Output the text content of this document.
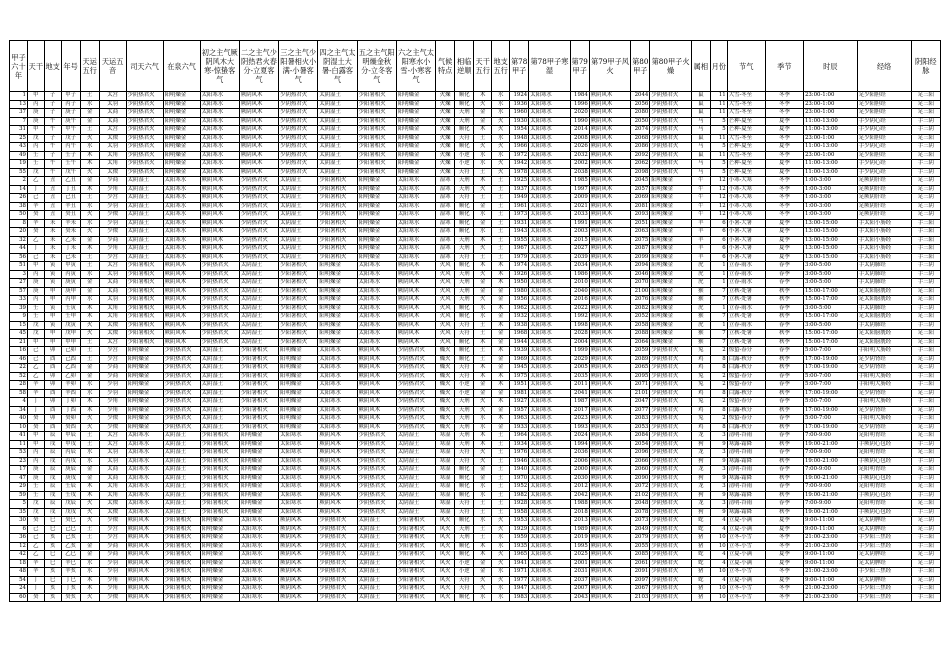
甲子六十年	天干	地支	年号	天运五行	天运五音	司天六气	在泉六气	初之主气厥阴风木大寒-惊蛰客气	二之主气少阴热君火春分-立夏客气	三之主气少阳暑相火小满-小暑客气	四之主气太阴湿土大暑-白露客气	五之主气阳明燥金秋分-立冬客气	六之主气太阳寒水小雪-小寒客气	气候特点	相临逆顺	天干五行	地支五行	第78甲子	第78甲子寒湿	第79甲子	第79甲子风火	第80甲子	第80甲子火燥	属相	月份	节气	季节	时辰	经络	阴阳经脉
1	甲	子	甲子	土	太宫	少阴热君火	阳明燥金	太阳寒水	厥阴风木	少阴热君火	太阴湿土	少阳暑相火	阳明燥金	火燥	顺化	木	水	1924	太阳寒水	1984	厥阴风木	2044	少阴热君火	鼠	11	大雪-冬至	冬季	23:00-1:00	足少阳胆经	足三阳
13	丙	子	丙子	水	太羽	少阴热君火	阳明燥金	太阳寒水	厥阴风木	少阴热君火	太阴湿土	少阳暑相火	阳明燥金	火燥	顺化	火	水	1936	太阳寒水	1996	厥阴风木	2056	少阴热君火	鼠	11	大雪-冬至	冬季	23:00-1:00	足少阳胆经	足三阳
37	庚	子	庚子	金	太商	少阴热君火	阳明燥金	太阳寒水	厥阴风木	少阴热君火	太阴湿土	少阳暑相火	阳明燥金	火燥	天刑	金	水	1960	太阳寒水	2020	厥阴风木	2080	少阴热君火	鼠	11	大雪-冬至	冬季	23:00-1:00	足少阳胆经	足三阳
7	庚	午	庚午	金	太商	少阴热君火	阳明燥金	太阳寒水	厥阴风木	少阴热君火	太阴湿土	少阳暑相火	阳明燥金	火燥	天刑	金	火	1930	太阳寒水	1990	厥阴风木	2050	少阴热君火	马	5	芒种-夏至	夏季	11:00-13:00	手少阴心经	手三阴
31	甲	午	甲午	土	太宫	少阴热君火	阳明燥金	太阳寒水	厥阴风木	少阴热君火	太阴湿土	少阳暑相火	阳明燥金	火燥	顺化	木	火	1954	太阳寒水	2014	厥阴风木	2074	少阴热君火	马	5	芒种-夏至	夏季	11:00-13:00	手少阴心经	手三阴
25	戊	子	戊子	火	太徵	少阴热君火	阳明燥金	太阳寒水	厥阴风木	少阴热君火	太阴湿土	少阳暑相火	阳明燥金	火燥	天符	土	水	1948	太阳寒水	2008	厥阴风木	2068	少阴热君火	鼠	11	大雪-冬至	冬季	23:00-1:00	足少阳胆经	足三阳
43	丙	午	丙午	水	太羽	少阴热君火	阳明燥金	太阳寒水	厥阴风木	少阴热君火	太阴湿土	少阳暑相火	阳明燥金	火燥	顺化	火	火	1966	太阳寒水	2026	厥阴风木	2086	少阴热君火	马	5	芒种-夏至	夏季	11:00-13:00	手少阴心经	手三阴
49	壬	子	壬子	木	太角	少阴热君火	阳明燥金	太阳寒水	厥阴风木	少阴热君火	太阴湿土	少阳暑相火	阳明燥金	火燥	小逆	水	水	1972	太阳寒水	2032	厥阴风木	2092	少阴热君火	鼠	11	大雪-冬至	冬季	23:00-1:00	足少阳胆经	足三阳
19	壬	午	壬午	木	太角	少阴热君火	阳明燥金	太阳寒水	厥阴风木	少阴热君火	太阴湿土	少阳暑相火	阳明燥金	火燥	小逆	水	火	1942	太阳寒水	2002	厥阴风木	2062	少阴热君火	马	5	芒种-夏至	夏季	11:00-13:00	手少阴心经	手三阴
55	戊	午	戊午	火	太徵	少阴热君火	阳明燥金	太阳寒水	厥阴风木	少阴热君火	太阴湿土	少阳暑相火	阳明燥金	火燥	天符	土	火	1978	太阳寒水	2038	厥阴风木	2098	少阴热君火	马	5	芒种-夏至	夏季	11:00-13:00	手少阴心经	手三阴
2	乙	丑	乙丑	金	少商	太阴湿土	太阳寒水	厥阴风木	少阴热君火	太阴湿土	少阳暑相火	阳明燥金	太阳寒水	湿寒	天刑	木	土	1925	太阳寒水	1985	厥阴风木	2045	阳明燥金	牛	12	小寒-大寒	冬季	1:00-3:00	足厥阴肝经	足三阴
14	丁	丑	丁丑	木	少角	太阴湿土	太阳寒水	厥阴风木	少阴热君火	太阴湿土	少阳暑相火	阳明燥金	太阳寒水	湿寒	天刑	火	土	1937	太阳寒水	1997	厥阴风木	2057	阳明燥金	牛	12	小寒-大寒	冬季	1:00-3:00	足厥阴肝经	足三阴
26	己	丑	己丑	土	少宫	太阴湿土	太阳寒水	厥阴风木	少阴热君火	太阴湿土	少阳暑相火	阳明燥金	太阳寒水	湿寒	天符	土	土	1949	太阳寒水	2009	厥阴风木	2069	阳明燥金	牛	12	小寒-大寒	冬季	1:00-3:00	足厥阴肝经	足三阴
38	辛	丑	辛丑	水	少羽	太阴湿土	太阳寒水	厥阴风木	少阴热君火	太阴湿土	少阳暑相火	阳明燥金	太阳寒水	湿寒	顺化	金	土	1961	太阳寒水	2021	厥阴风木	2081	阳明燥金	牛	12	小寒-大寒	冬季	1:00-3:00	足厥阴肝经	足三阴
50	癸	丑	癸丑	火	少徵	太阴湿土	太阳寒水	厥阴风木	少阴热君火	太阴湿土	少阳暑相火	阳明燥金	太阳寒水	湿寒	顺化	水	土	1973	太阳寒水	2033	厥阴风木	2093	阳明燥金	牛	12	小寒-大寒	冬季	1:00-3:00	足厥阴肝经	足三阴
8	辛	未	辛未	水	少羽	太阴湿土	太阳寒水	厥阴风木	少阴热君火	太阴湿土	少阳暑相火	阳明燥金	太阳寒水	湿寒	顺化	金	土	1931	太阳寒水	1991	厥阴风木	2051	阳明燥金	羊	6	小暑-大暑	夏季	13:00-15:00	手太阳小肠经	手三阳
20	癸	未	癸未	火	少徵	太阴湿土	太阳寒水	厥阴风木	少阴热君火	太阴湿土	少阳暑相火	阳明燥金	太阳寒水	湿寒	顺化	水	土	1943	太阳寒水	2003	厥阴风木	2063	阳明燥金	羊	6	小暑-大暑	夏季	13:00-15:00	手太阳小肠经	手三阳
32	乙	未	乙未	金	少商	太阴湿土	太阳寒水	厥阴风木	少阴热君火	太阴湿土	少阳暑相火	阳明燥金	太阳寒水	湿寒	天刑	木	土	1955	太阳寒水	2015	厥阴风木	2075	阳明燥金	羊	6	小暑-大暑	夏季	13:00-15:00	手太阳小肠经	手三阳
44	丁	未	丁未	木	少角	太阴湿土	太阳寒水	厥阴风木	少阴热君火	太阴湿土	少阳暑相火	阳明燥金	太阳寒水	湿寒	天刑	火	土	1967	太阳寒水	2027	厥阴风木	2087	阳明燥金	羊	6	小暑-大暑	夏季	13:00-15:00	手太阳小肠经	手三阳
56	己	未	己未	土	少宫	太阴湿土	太阳寒水	厥阴风木	少阴热君火	太阴湿土	少阳暑相火	阳明燥金	太阳寒水	湿寒	天符	土	土	1979	太阳寒水	2039	厥阴风木	2099	阳明燥金	羊	6	小暑-大暑	夏季	13:00-15:00	手太阳小肠经	手三阳
51	甲	寅	甲寅	土	太宫	少阳暑相火	厥阴风木	少阴热君火	太阴湿土	少阳暑相火	阳明燥金	太阳寒水	厥阴风木	火风	顺化	木	木	1974	太阳寒水	2034	厥阴风木	2094	阳明燥金	虎	1	立春-雨水	春季	3:00-5:00	手太阴肺经	手三阴
3	丙	寅	丙寅	水	太羽	少阳暑相火	厥阴风木	少阴热君火	太阴湿土	少阳暑相火	阳明燥金	太阳寒水	厥阴风木	火风	天刑	火	木	1926	太阳寒水	1986	厥阴风木	2046	阳明燥金	虎	1	立春-雨水	春季	3:00-5:00	手太阴肺经	手三阴
27	庚	寅	庚寅	金	太商	少阳暑相火	厥阴风木	少阴热君火	太阴湿土	少阳暑相火	阳明燥金	太阳寒水	厥阴风木	火风	天刑	金	木	1950	太阳寒水	2010	厥阴风木	2070	阳明燥金	虎	1	立春-雨水	春季	3:00-5:00	手太阴肺经	手三阴
57	庚	申	庚申	金	太商	少阳暑相火	厥阴风木	少阴热君火	太阴湿土	少阳暑相火	阳明燥金	太阳寒水	厥阴风木	火风	天刑	金	金	1980	太阳寒水	2040	厥阴风木	2100	阳明燥金	猴	7	立秋-处暑	秋季	15:00-17:00	足太阳膀胱经	足三阳
33	丙	申	丙申	水	太羽	少阳暑相火	厥阴风木	少阴热君火	太阴湿土	少阳暑相火	阳明燥金	太阳寒水	厥阴风木	火风	天刑	火	金	1956	太阳寒水	2016	厥阴风木	2076	阳明燥金	猴	7	立秋-处暑	秋季	15:00-17:00	足太阳膀胱经	足三阳
39	壬	寅	壬寅	木	太角	少阳暑相火	厥阴风木	少阴热君火	太阴湿土	少阳暑相火	阳明燥金	太阳寒水	厥阴风木	火风	顺化	水	木	1962	太阳寒水	2022	厥阴风木	2082	阳明燥金	虎	1	立春-雨水	春季	3:00-5:00	手太阴肺经	手三阴
9	壬	申	壬申	木	太角	少阳暑相火	厥阴风木	少阴热君火	太阴湿土	少阳暑相火	阳明燥金	太阳寒水	厥阴风木	火风	顺化	水	金	1932	太阳寒水	1992	厥阴风木	2052	阳明燥金	猴	7	立秋-处暑	秋季	15:00-17:00	足太阳膀胱经	足三阳
15	戊	寅	戊寅	火	太徵	少阳暑相火	厥阴风木	少阴热君火	太阴湿土	少阳暑相火	阳明燥金	太阳寒水	厥阴风木	火风	天符	土	木	1938	太阳寒水	1998	厥阴风木	2058	阳明燥金	虎	1	立春-雨水	春季	3:00-5:00	手太阴肺经	手三阴
45	戊	申	戊申	火	太徵	少阳暑相火	厥阴风木	少阴热君火	太阴湿土	少阳暑相火	阳明燥金	太阳寒水	厥阴风木	火风	天符	土	金	1968	太阳寒水	2028	厥阴风木	2088	阳明燥金	猴	7	立秋-处暑	秋季	15:00-17:00	足太阳膀胱经	足三阳
21	甲	申	甲申	土	太宫	少阳暑相火	厥阴风木	少阴热君火	太阴湿土	少阳暑相火	阳明燥金	太阳寒水	厥阴风木	火风	顺化	木	金	1944	太阳寒水	2004	厥阴风木	2064	阳明燥金	猴	7	立秋-处暑	秋季	15:00-17:00	足太阳膀胱经	足三阳
16	己	卯	己卯	土	少宫	阳明燥金	少阴热君火	太阴湿土	少阳暑相火	阳明燥金	太阳寒水	厥阴风木	少阴热君火	燥火	顺化	土	木	1939	太阳寒水	1999	厥阴风木	2059	少阴热君火	兔	2	惊蛰-春分	春季	5:00-7:00	手阳明大肠经	手三阳
46	己	酉	己酉	土	少宫	阳明燥金	少阴热君火	太阴湿土	少阳暑相火	阳明燥金	太阳寒水	厥阴风木	少阴热君火	燥火	顺化	土	金	1969	太阳寒水	2029	厥阴风木	2089	少阴热君火	鸡	8	白露-秋分	秋季	17:00-19:00	足少阴肾经	足三阴
22	乙	酉	乙酉	金	少商	阳明燥金	少阴热君火	太阴湿土	少阳暑相火	阳明燥金	太阳寒水	厥阴风木	少阴热君火	燥火	天符	木	金	1945	太阳寒水	2005	厥阴风木	2065	少阴热君火	鸡	8	白露-秋分	秋季	17:00-19:00	足少阴肾经	足三阴
52	乙	卯	乙卯	金	少商	阳明燥金	少阴热君火	太阴湿土	少阳暑相火	阳明燥金	太阳寒水	厥阴风木	少阴热君火	燥火	天符	木	木	1975	太阳寒水	2035	厥阴风木	2095	少阴热君火	兔	2	惊蛰-春分	春季	5:00-7:00	手阳明大肠经	手三阳
28	辛	卯	辛卯	水	少羽	阳明燥金	少阴热君火	太阴湿土	少阳暑相火	阳明燥金	太阳寒水	厥阴风木	少阴热君火	燥火	小逆	金	木	1951	太阳寒水	2011	厥阴风木	2071	少阴热君火	兔	2	惊蛰-春分	春季	5:00-7:00	手阳明大肠经	手三阳
58	辛	酉	辛酉	水	少羽	阳明燥金	少阴热君火	太阴湿土	少阳暑相火	阳明燥金	太阳寒水	厥阴风木	少阴热君火	燥火	小逆	金	金	1981	太阳寒水	2041	厥阴风木	2101	少阴热君火	鸡	8	白露-秋分	秋季	17:00-19:00	足少阴肾经	足三阴
4	丁	卯	丁卯	木	少角	阳明燥金	少阴热君火	太阴湿土	少阳暑相火	阳明燥金	太阳寒水	厥阴风木	少阴热君火	燥火	天刑	火	木	1927	太阳寒水	1987	厥阴风木	2047	少阴热君火	兔	2	惊蛰-春分	春季	5:00-7:00	手阳明大肠经	手三阳
34	丁	酉	丁酉	木	少角	阳明燥金	少阴热君火	太阴湿土	少阳暑相火	阳明燥金	太阳寒水	厥阴风木	少阴热君火	燥火	天刑	火	金	1957	太阳寒水	2017	厥阴风木	2077	少阴热君火	鸡	8	白露-秋分	秋季	17:00-19:00	足少阴肾经	足三阴
40	癸	卯	癸卯	火	少徵	阳明燥金	少阴热君火	太阴湿土	少阳暑相火	阳明燥金	太阳寒水	厥阴风木	少阴热君火	燥火	天刑	水	木	1963	太阳寒水	2023	厥阴风木	2083	少阴热君火	兔	2	惊蛰-春分	春季	5:00-7:00	手阳明大肠经	手三阳
10	癸	酉	癸酉	火	少徵	阳明燥金	少阴热君火	太阴湿土	少阳暑相火	阳明燥金	太阳寒水	厥阴风木	少阴热君火	燥火	天刑	水	金	1933	太阳寒水	1993	厥阴风木	2053	少阴热君火	鸡	8	白露-秋分	秋季	17:00-19:00	足少阴肾经	足三阴
41	甲	辰	甲辰	土	太宫	太阳寒水	太阴湿土	少阳暑相火	阳明燥金	太阳寒水	厥阴风木	少阴热君火	太阴湿土	寒湿	天刑	木	土	1964	太阳寒水	2024	厥阴风木	2084	少阴热君火	龙	3	清明-谷雨	春季	7:00-9:00	足阳明胃经	足三阳
11	甲	戌	甲戌	土	太宫	太阳寒水	太阴湿土	少阳暑相火	阳明燥金	太阳寒水	厥阴风木	少阴热君火	太阴湿土	寒湿	天刑	木	土	1934	太阳寒水	1994	厥阴风木	2054	少阴热君火	狗	9	寒露-霜降	秋季	19:00-21:00	手厥阴心包经	手三阴
53	丙	辰	丙辰	水	太羽	太阳寒水	太阴湿土	少阳暑相火	阳明燥金	太阳寒水	厥阴风木	少阴热君火	太阴湿土	寒湿	天符	火	土	1976	太阳寒水	2036	厥阴风木	2096	少阴热君火	龙	3	清明-谷雨	春季	7:00-9:00	足阳明胃经	足三阳
23	丙	戌	丙戌	水	太羽	太阳寒水	太阴湿土	少阳暑相火	阳明燥金	太阳寒水	厥阴风木	少阴热君火	太阴湿土	寒湿	天符	火	土	1946	太阳寒水	2006	厥阴风木	2066	少阴热君火	狗	9	寒露-霜降	秋季	19:00-21:00	手厥阴心包经	手三阴
17	庚	辰	庚辰	金	太商	太阳寒水	太阴湿土	少阳暑相火	阳明燥金	太阳寒水	厥阴风木	少阴热君火	太阴湿土	寒湿	顺化	金	土	1940	太阳寒水	2000	厥阴风木	2060	少阴热君火	龙	3	清明-谷雨	春季	7:00-9:00	足阳明胃经	足三阳
47	庚	戌	庚戌	金	太商	太阳寒水	太阴湿土	少阳暑相火	阳明燥金	太阳寒水	厥阴风木	少阴热君火	太阴湿土	寒湿	顺化	金	土	1970	太阳寒水	2030	厥阴风木	2090	少阴热君火	狗	9	寒露-霜降	秋季	19:00-21:00	手厥阴心包经	手三阴
29	壬	辰	壬辰	木	太角	太阳寒水	太阴湿土	少阳暑相火	阳明燥金	太阳寒水	厥阴风木	少阴热君火	太阴湿土	寒湿	顺化	水	土	1952	太阳寒水	2012	厥阴风木	2072	少阴热君火	龙	3	清明-谷雨	春季	7:00-9:00	足阳明胃经	足三阳
59	壬	戌	壬戌	木	太角	太阳寒水	太阴湿土	少阳暑相火	阳明燥金	太阳寒水	厥阴风木	少阴热君火	太阴湿土	寒湿	顺化	水	土	1982	太阳寒水	2042	厥阴风木	2102	少阴热君火	狗	9	寒露-霜降	秋季	19:00-21:00	手厥阴心包经	手三阴
5	戊	辰	戊辰	火	太徵	太阳寒水	太阴湿土	少阳暑相火	阳明燥金	太阳寒水	厥阴风木	少阴热君火	太阴湿土	寒湿	天符	土	土	1928	太阳寒水	1988	厥阴风木	2048	少阴热君火	龙	3	清明-谷雨	春季	7:00-9:00	足阳明胃经	足三阳
35	戊	戌	戊戌	火	太徵	太阳寒水	太阴湿土	少阳暑相火	阳明燥金	太阳寒水	厥阴风木	少阴热君火	太阴湿土	寒湿	天符	土	土	1958	太阳寒水	2018	厥阴风木	2078	少阴热君火	狗	9	寒露-霜降	秋季	19:00-21:00	手厥阴心包经	手三阴
30	癸	巳	癸巳	火	少徵	厥阴风木	少阳暑相火	阳明燥金	太阳寒水	厥阴风木	少阴热君火	太阴湿土	少阳暑相火	风火	顺化	水	火	1953	太阳寒水	2013	厥阴风木	2073	少阴热君火	蛇	4	立夏-小满	夏季	9:00-11:00	足太阴脾经	足三阴
6	己	巳	己巳	土	少宫	厥阴风木	少阳暑相火	阳明燥金	太阳寒水	厥阴风木	少阴热君火	太阴湿土	少阳暑相火	风火	天刑	土	火	1929	太阳寒水	1989	厥阴风木	2049	少阴热君火	蛇	4	立夏-小满	夏季	9:00-11:00	足太阴脾经	足三阴
36	己	亥	己亥	土	少宫	厥阴风木	少阳暑相火	阳明燥金	太阳寒水	厥阴风木	少阴热君火	太阴湿土	少阳暑相火	风火	天刑	土	水	1959	太阳寒水	2019	厥阴风木	2079	少阴热君火	猪	10	立冬-小雪	冬季	21:00-23:00	手少阳三焦经	手三阳
12	乙	亥	乙亥	金	少商	厥阴风木	少阳暑相火	阳明燥金	太阳寒水	厥阴风木	少阴热君火	太阴湿土	少阳暑相火	风火	顺化	木	水	1935	太阳寒水	1995	厥阴风木	2055	少阴热君火	猪	10	立冬-小雪	冬季	21:00-23:00	手少阳三焦经	手三阳
42	乙	巳	乙巳	金	少商	厥阴风木	少阳暑相火	阳明燥金	太阳寒水	厥阴风木	少阴热君火	太阴湿土	少阳暑相火	风火	顺化	木	火	1965	太阳寒水	2025	厥阴风木	2085	少阴热君火	蛇	4	立夏-小满	夏季	9:00-11:00	足太阴脾经	足三阴
18	辛	巳	辛巳	水	少羽	厥阴风木	少阳暑相火	阳明燥金	太阳寒水	厥阴风木	少阴热君火	太阴湿土	少阳暑相火	风火	小逆	金	火	1941	太阳寒水	2001	厥阴风木	2061	少阴热君火	蛇	4	立夏-小满	夏季	9:00-11:00	足太阴脾经	足三阴
48	辛	亥	辛亥	水	少羽	厥阴风木	少阳暑相火	阳明燥金	太阳寒水	厥阴风木	少阴热君火	太阴湿土	少阳暑相火	风火	小逆	金	水	1971	太阳寒水	2031	厥阴风木	2091	少阴热君火	猪	10	立冬-小雪	冬季	21:00-23:00	手少阳三焦经	手三阳
54	丁	巳	丁巳	木	少角	厥阴风木	少阳暑相火	阳明燥金	太阳寒水	厥阴风木	少阴热君火	太阴湿土	少阳暑相火	风火	天符	火	火	1977	太阳寒水	2037	厥阴风木	2097	少阴热君火	蛇	4	立夏-小满	夏季	9:00-11:00	足太阴脾经	足三阴
24	丁	亥	丁亥	木	少角	厥阴风木	少阳暑相火	阳明燥金	太阳寒水	厥阴风木	少阴热君火	太阴湿土	少阳暑相火	风火	天符	火	水	1947	太阳寒水	2007	厥阴风木	2067	少阴热君火	猪	10	立冬-小雪	冬季	21:00-23:00	手少阳三焦经	手三阳
60	癸	亥	癸亥	火	少徵	厥阴风木	少阳暑相火	阳明燥金	太阳寒水	厥阴风木	少阴热君火	太阴湿土	少阳暑相火	风火	顺化	水	水	1983	太阳寒水	2043	厥阴风木	2103	少阴热君火	猪	10	立冬-小雪	冬季	21:00-23:00	手少阳三焦经	手三阳
